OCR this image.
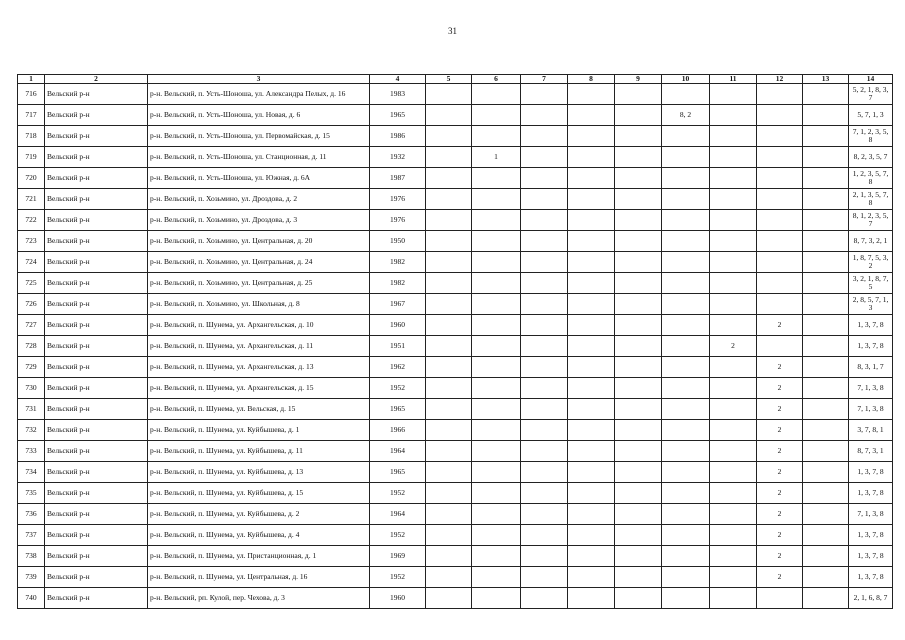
31
1	2	3	4	5	6	7	8	9	10	11	12	13	14
716	Вельский р-н	р-н. Вельский, п. Усть-Шоноша, ул. Александра Пелых, д. 16	1983										5, 2, 1, 8, 3, 7
717	Вельский р-н	р-н. Вельский, п. Усть-Шоноша, ул. Новая, д. 6	1965						8, 2				5, 7, 1, 3
718	Вельский р-н	р-н. Вельский, п. Усть-Шоноша, ул. Первомайская, д. 15	1986										7, 1, 2, 3, 5, 8
719	Вельский р-н	р-н. Вельский, п. Усть-Шоноша, ул. Станционная, д. 11	1932		1								8, 2, 3, 5, 7
720	Вельский р-н	р-н. Вельский, п. Усть-Шоноша, ул. Южная, д. 6А	1987										1, 2, 3, 5, 7, 8
721	Вельский р-н	р-н. Вельский, п. Хозьмино, ул. Дроздова, д. 2	1976										2, 1, 3, 5, 7, 8
722	Вельский р-н	р-н. Вельский, п. Хозьмино, ул. Дроздова, д. 3	1976										8, 1, 2, 3, 5, 7
723	Вельский р-н	р-н. Вельский, п. Хозьмино, ул. Центральная, д. 20	1950										8, 7, 3, 2, 1
724	Вельский р-н	р-н. Вельский, п. Хозьмино, ул. Центральная, д. 24	1982										1, 8, 7, 5, 3, 2
725	Вельский р-н	р-н. Вельский, п. Хозьмино, ул. Центральная, д. 25	1982										3, 2, 1, 8, 7, 5
726	Вельский р-н	р-н. Вельский, п. Хозьмино, ул. Школьная, д. 8	1967										2, 8, 5, 7, 1, 3
727	Вельский р-н	р-н. Вельский, п. Шунема, ул. Архангельская, д. 10	1960								2		1, 3, 7, 8
728	Вельский р-н	р-н. Вельский, п. Шунема, ул. Архангельская, д. 11	1951							2			1, 3, 7, 8
729	Вельский р-н	р-н. Вельский, п. Шунема, ул. Архангельская, д. 13	1962								2		8, 3, 1, 7
730	Вельский р-н	р-н. Вельский, п. Шунема, ул. Архангельская, д. 15	1952								2		7, 1, 3, 8
731	Вельский р-н	р-н. Вельский, п. Шунема, ул. Вельская, д. 15	1965								2		7, 1, 3, 8
732	Вельский р-н	р-н. Вельский, п. Шунема, ул. Куйбышева, д. 1	1966								2		3, 7, 8, 1
733	Вельский р-н	р-н. Вельский, п. Шунема, ул. Куйбышева, д. 11	1964								2		8, 7, 3, 1
734	Вельский р-н	р-н. Вельский, п. Шунема, ул. Куйбышева, д. 13	1965								2		1, 3, 7, 8
735	Вельский р-н	р-н. Вельский, п. Шунема, ул. Куйбышева, д. 15	1952								2		1, 3, 7, 8
736	Вельский р-н	р-н. Вельский, п. Шунема, ул. Куйбышева, д. 2	1964								2		7, 1, 3, 8
737	Вельский р-н	р-н. Вельский, п. Шунема, ул. Куйбышева, д. 4	1952								2		1, 3, 7, 8
738	Вельский р-н	р-н. Вельский, п. Шунема, ул. Пристанционная, д. 1	1969								2		1, 3, 7, 8
739	Вельский р-н	р-н. Вельский, п. Шунема, ул. Центральная, д. 16	1952								2		1, 3, 7, 8
740	Вельский р-н	р-н. Вельский, рп. Кулой, пер. Чехова, д. 3	1960										2, 1, 6, 8, 7
